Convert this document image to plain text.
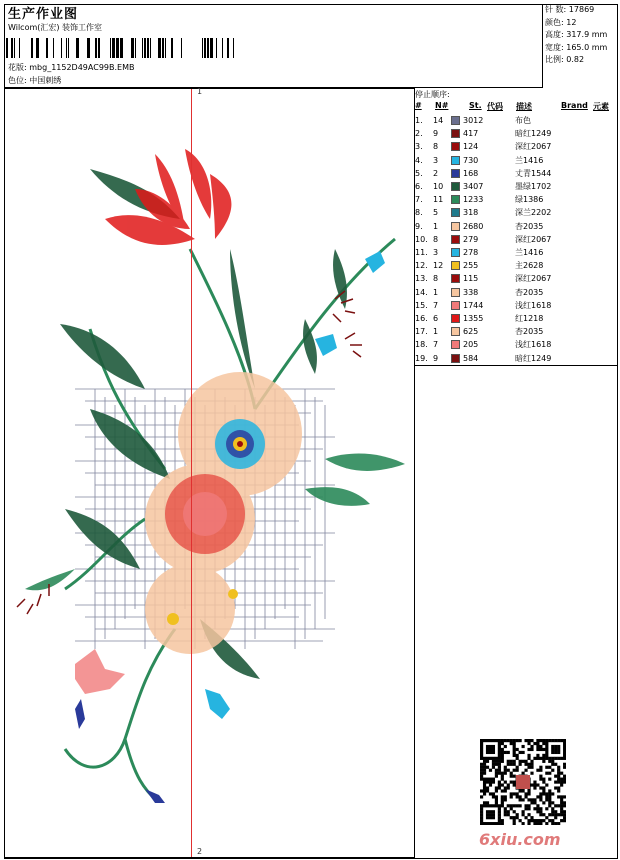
生产作业图
Wilcom(汇宏) 装饰工作室
花版: mbg_1152D49AC99B.EMB
色位: 中国刺绣
针 数: 17869
颜色: 12
高度: 317.9 mm
宽度: 165.0 mm
比例: 0.82
1
2
停止顺序:
# N#	St. 代码 描述	Brand 元素
1. 14 3012	布色
2. 9	417	暗红1249
3. 8	124	深红2067
4. 3	730	兰1416
5. 2	168	丈青1544
6. 10 3407	墨绿1702
7. 11 1233	绿1386
8. 5	318	深兰2202
9. 1	2680	杏2035
10. 8	279	深红2067
11. 3	278	兰1416
12. 12 255	主2628
13. 8	115	深红2067
14. 1	338	杏2035
15. 7	1744	浅红1618
16. 6	1355	红1218
17. 1	625	杏2035
18. 7	205	浅红1618
19. 9	584	暗红1249
6xiu.com
